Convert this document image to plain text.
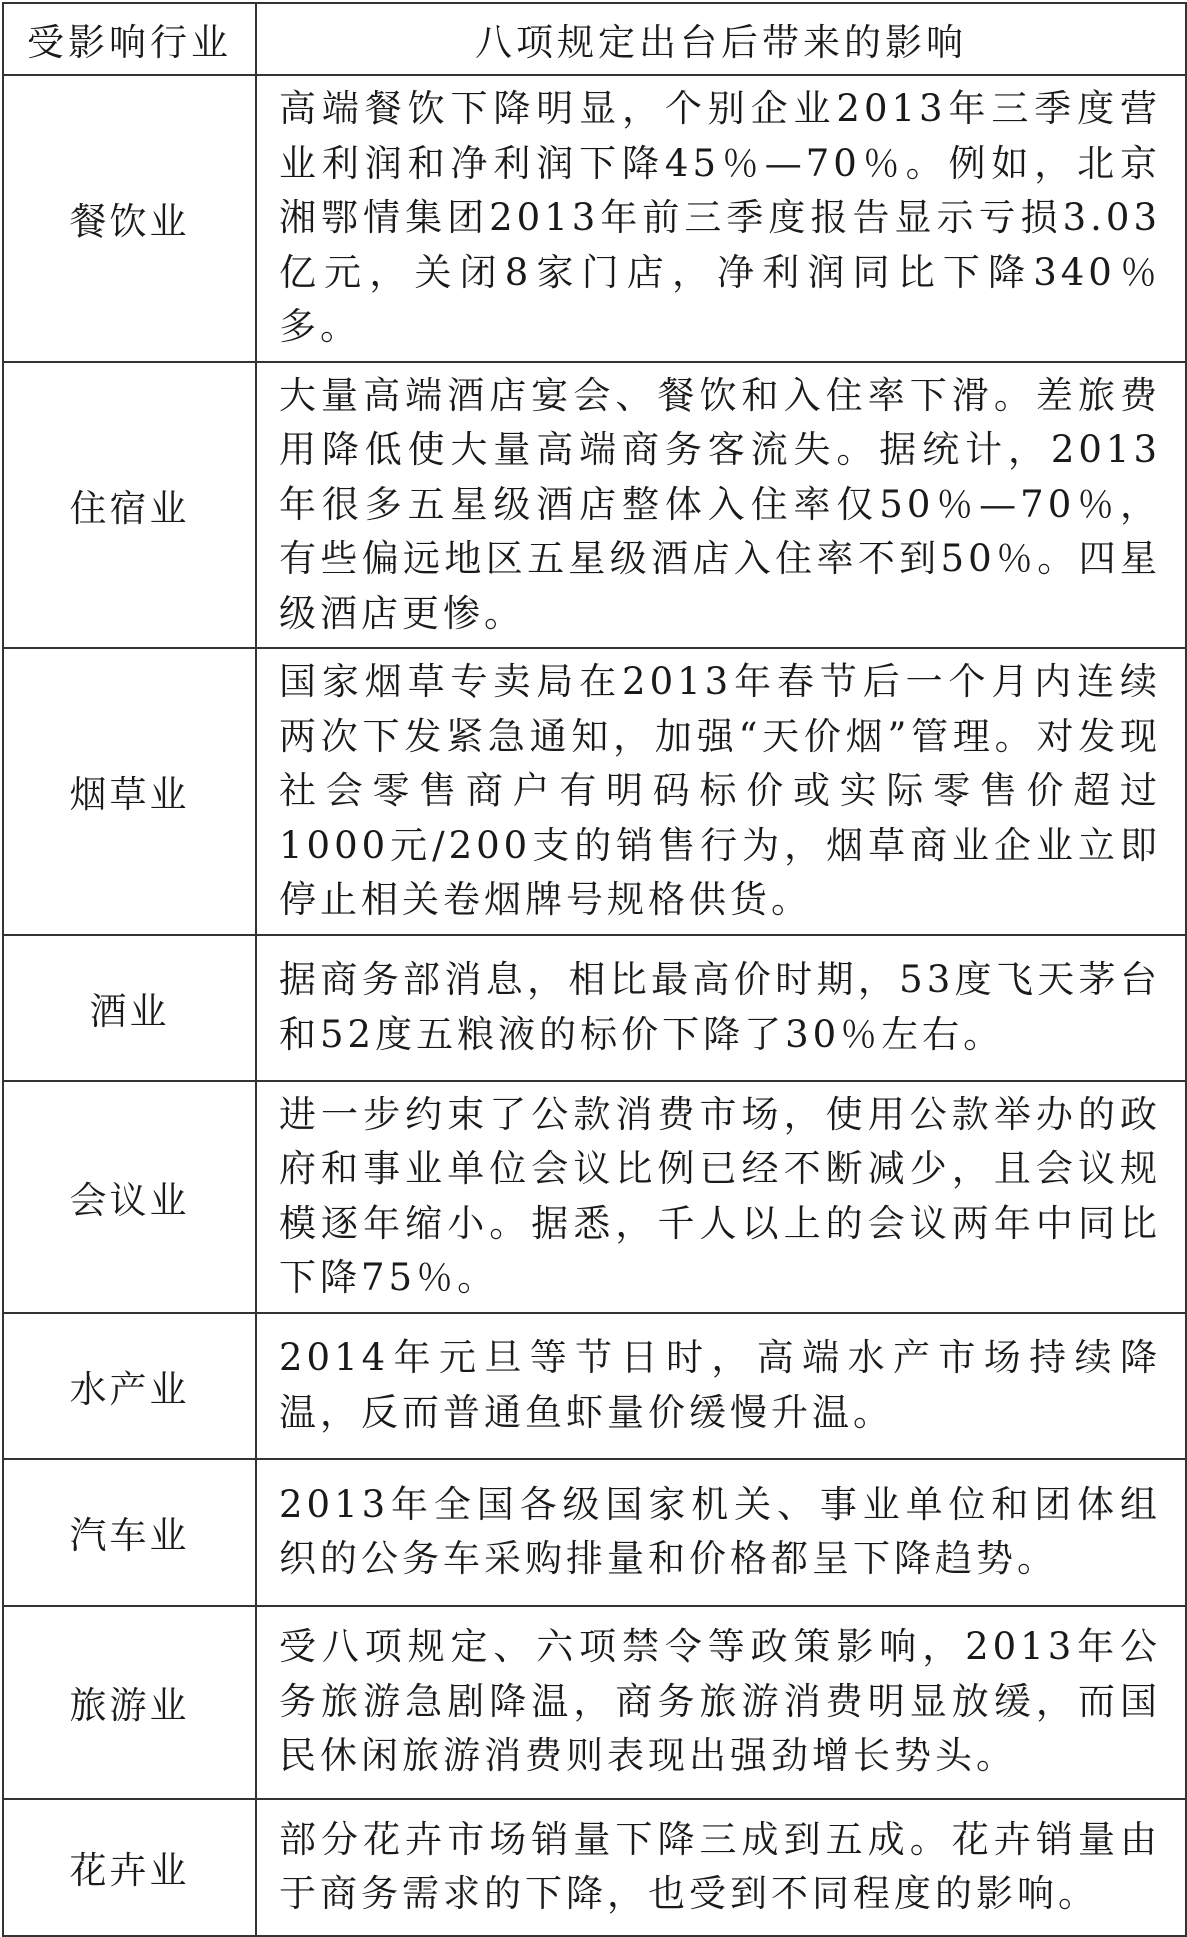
受影响行业	八项规定出台后带来的影响
餐饮业	高端餐饮下降明显，个别企业2013年三季度营业利润和净利润下降45％—70％。例如，北京湘鄂情集团2013年前三季度报告显示亏损3.03亿元，关闭8家门店，净利润同比下降340％多。
住宿业	大量高端酒店宴会、餐饮和入住率下滑。差旅费用降低使大量高端商务客流失。据统计，2013年很多五星级酒店整体入住率仅50％—70％，有些偏远地区五星级酒店入住率不到50％。四星级酒店更惨。
烟草业	国家烟草专卖局在2013年春节后一个月内连续两次下发紧急通知，加强“天价烟”管理。对发现社会零售商户有明码标价或实际零售价超过1000元/200支的销售行为，烟草商业企业立即停止相关卷烟牌号规格供货。
酒业	据商务部消息，相比最高价时期，53度飞天茅台和52度五粮液的标价下降了30％左右。
会议业	进一步约束了公款消费市场，使用公款举办的政府和事业单位会议比例已经不断减少，且会议规模逐年缩小。据悉，千人以上的会议两年中同比下降75％。
水产业	2014年元旦等节日时，高端水产市场持续降温，反而普通鱼虾量价缓慢升温。
汽车业	2013年全国各级国家机关、事业单位和团体组织的公务车采购排量和价格都呈下降趋势。
旅游业	受八项规定、六项禁令等政策影响，2013年公务旅游急剧降温，商务旅游消费明显放缓，而国民休闲旅游消费则表现出强劲增长势头。
花卉业	部分花卉市场销量下降三成到五成。花卉销量由于商务需求的下降，也受到不同程度的影响。
